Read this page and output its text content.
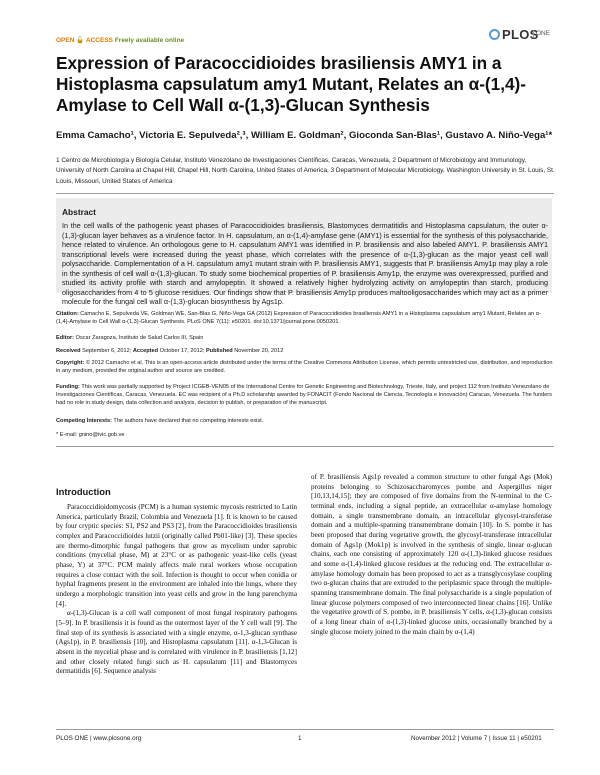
OPEN 🔓 ACCESS Freely available online	PLOS
ONE
Expression of Paracoccidioides brasiliensis AMY1 in a Histoplasma capsulatum amy1 Mutant, Relates an α-(1,4)-Amylase to Cell Wall α-(1,3)-Glucan Synthesis
Emma Camacho¹, Victoria E. Sepulveda²,³, William E. Goldman², Gioconda San-Blas¹, Gustavo A. Niño-Vega¹*
1 Centro de Microbiología y Biología Celular, Instituto Venezolano de Investigaciones Científicas, Caracas, Venezuela, 2 Department of Microbiology and Immunology, University of North Carolina at Chapel Hill, Chapel Hill, North Carolina, United States of America, 3 Department of Molecular Microbiology, Washington University in St. Louis, St. Louis, Missouri, United States of America
Abstract
In the cell walls of the pathogenic yeast phases of Paracoccidioides brasiliensis, Blastomyces dermatitidis and Histoplasma capsulatum, the outer α-(1,3)-glucan layer behaves as a virulence factor. In H. capsulatum, an α-(1,4)-amylase gene (AMY1) is essential for the synthesis of this polysaccharide, hence related to virulence. An orthologous gene to H. capsulatum AMY1 was identified in P. brasiliensis and also labeled AMY1. P. brasiliensis AMY1 transcriptional levels were increased during the yeast phase, which correlates with the presence of α-(1,3)-glucan as the major yeast cell wall polysaccharide. Complementation of a H. capsulatum amy1 mutant strain with P. brasiliensis AMY1, suggests that P. brasiliensis Amy1p may play a role in the synthesis of cell wall α-(1,3)-glucan. To study some biochemical properties of P. brasiliensis Amy1p, the enzyme was overexpressed, purified and studied its activity profile with starch and amylopeptin. It showed a relatively higher hydrolyzing activity on amylopeptin than starch, producing oligosaccharides from 4 to 5 glucose residues. Our findings show that P. brasiliensis Amy1p produces maltooligosaccharides which may act as a primer molecule for the fungal cell wall α-(1,3)-glucan biosynthesis by Ags1p.
Citation: Camacho E, Sepulveda VE, Goldman WE, San-Blas G, Niño-Vega GA (2012) Expression of Paracoccidioides brasiliensis AMY1 in a Histoplasma capsulatum amy1 Mutant, Relates an α-(1,4)-Amylase to Cell Wall α-(1,3)-Glucan Synthesis. PLoS ONE 7(11): e50201. doi:10.1371/journal.pone.0050201
Editor: Oscar Zaragoza, Instituto de Salud Carlos III, Spain
Received September 6, 2012; Accepted October 17, 2012; Published November 20, 2012
Copyright: © 2012 Camacho et al. This is an open-access article distributed under the terms of the Creative Commons Attribution License, which permits unrestricted use, distribution, and reproduction in any medium, provided the original author and source are credited.
Funding: This work was partially supported by Project ICGEB-VEN05 of the International Centre for Genetic Engineering and Biotechnology, Trieste, Italy, and project 112 from Instituto Venezolano de Investigaciones Científicas, Caracas, Venezuela. EC was recipient of a Ph.D scholarship awarded by FONACIT (Fondo Nacional de Ciencia, Tecnología e Innovación) Caracas, Venezuela. The funders had no role in study design, data collection and analysis, decision to publish, or preparation of the manuscript.
Competing Interests: The authors have declared that no competing interests exist.
* E-mail: gnino@ivic.gob.ve
Introduction

Paracoccidioidomycosis (PCM) is a human systemic mycosis restricted to Latin America, particularly Brazil, Colombia and Venezuela [1]. It is known to be caused by four cryptic species: S1, PS2 and PS3 [2], from the Paracoccidioides brasiliensis complex and Paracoccidioides lutzii (originally called Pb01-like) [3]. These species are thermo-dimorphic fungal pathogens that grow as mycelium under saprobic conditions (mycelial phase, M) at 23°C or as pathogenic yeast-like cells (yeast phase, Y) at 37°C. PCM mainly affects male rural workers whose occupation requires a close contact with the soil. Infection is thought to occur when conidia or hyphal fragments present in the environment are inhaled into the lungs, where they undergo a morphologic transition into yeast cells and grow in the lung parenchyma [4].

α-(1,3)-Glucan is a cell wall component of most fungal respiratory pathogens [5–9]. In P. brasiliensis it is found as the outermost layer of the Y cell wall [9]. The final step of its synthesis is associated with a single enzyme, α-1,3-glucan synthase (Ags1p), in P. brasiliensis [10], and Histoplasma capsulatum [11]. α-1,3-Glucan is absent in the mycelial phase and is correlated with virulence in P. brasiliensis [1,12] and other closely related fungi such as H. capsulatum [11] and Blastomyces dermatitidis [6]. Sequence analysis

of P. brasiliensis Ags1p revealed a common structure to other fungal Ags (Mok) proteins belonging to Schizosaccharomyces pombe and Aspergillus niger [10,13,14,15]; they are composed of five domains from the N-terminal to the C-terminal ends, including a signal peptide, an extracellular α-amylase homology domain, a single transmembrane domain, an intracellular glycosyl-transferase domain and a multiple-spanning transmembrane domain [10]. In S. pombe it has been proposed that during vegetative growth, the glycosyl-transferase intracellular domain of Ags1p (Mok1p) is involved in the synthesis of single, linear α-glucan chains, each one consisting of approximately 120 α-(1,3)-linked glucose residues and some α-(1,4)-linked glucose residues at the reducing end. The extracellular α-amylase homology domain has been proposed to act as a transglycosylase coupling two α-glucan chains that are extruded to the periplasmic space through the multiple-spanning transmembrane domain. The final polysaccharide is a single population of linear glucose polymers composed of two interconnected linear chains [16]. Unlike the vegetative growth of S. pombe, in P. brasiliensis Y cells, α-(1,3)-glucan consists of a long linear chain of α-(1,3)-linked glucose units, occasionally branched by a single glucose moiety joined to the main chain by α-(1,4)

PLOS ONE | www.plosone.org	1	November 2012 | Volume 7 | Issue 11 | e50201
